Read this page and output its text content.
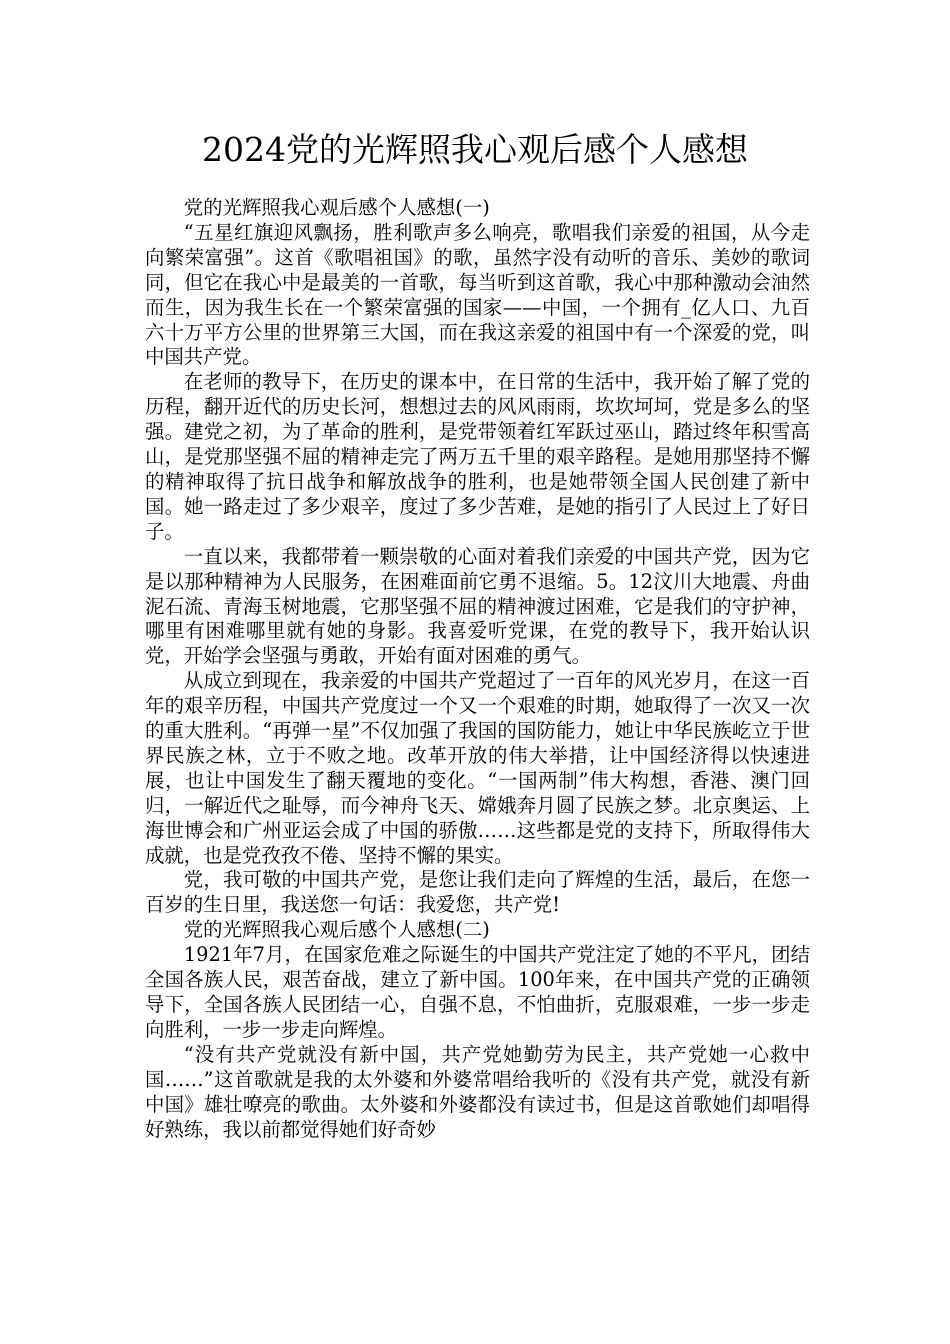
2024党的光辉照我心观后感个人感想

党的光辉照我心观后感个人感想(一)

“五星红旗迎风飘扬，胜利歌声多么响亮，歌唱我们亲爱的祖国，从今走向繁荣富强”。这首《歌唱祖国》的歌，虽然字没有动听的音乐、美妙的歌词同，但它在我心中是最美的一首歌，每当听到这首歌，我心中那种激动会油然而生，因为我生长在一个繁荣富强的国家——中国，一个拥有_亿人口、九百六十万平方公里的世界第三大国，而在我这亲爱的祖国中有一个深爱的党，叫中国共产党。

在老师的教导下，在历史的课本中，在日常的生活中，我开始了解了党的历程，翻开近代的历史长河，想想过去的风风雨雨，坎坎坷坷，党是多么的坚强。建党之初，为了革命的胜利，是党带领着红军跃过巫山，踏过终年积雪高山，是党那坚强不屈的精神走完了两万五千里的艰辛路程。是她用那坚持不懈的精神取得了抗日战争和解放战争的胜利，也是她带领全国人民创建了新中国。她一路走过了多少艰辛，度过了多少苦难，是她的指引了人民过上了好日子。

一直以来，我都带着一颗崇敬的心面对着我们亲爱的中国共产党，因为它是以那种精神为人民服务，在困难面前它勇不退缩。5。12汶川大地震、舟曲泥石流、青海玉树地震，它那坚强不屈的精神渡过困难，它是我们的守护神，哪里有困难哪里就有她的身影。我喜爱听党课，在党的教导下，我开始认识党，开始学会坚强与勇敢，开始有面对困难的勇气。

从成立到现在，我亲爱的中国共产党超过了一百年的风光岁月，在这一百年的艰辛历程，中国共产党度过一个又一个艰难的时期，她取得了一次又一次的重大胜利。“再弹一星”不仅加强了我国的国防能力，她让中华民族屹立于世界民族之林，立于不败之地。改革开放的伟大举措，让中国经济得以快速进展，也让中国发生了翻天覆地的变化。“一国两制”伟大构想，香港、澳门回归，一解近代之耻辱，而今神舟飞天、嫦娥奔月圆了民族之梦。北京奥运、上海世博会和广州亚运会成了中国的骄傲……这些都是党的支持下，所取得伟大成就，也是党孜孜不倦、坚持不懈的果实。

党，我可敬的中国共产党，是您让我们走向了辉煌的生活，最后，在您一百岁的生日里，我送您一句话：我爱您，共产党!

党的光辉照我心观后感个人感想(二)

1921年7月，在国家危难之际诞生的中国共产党注定了她的不平凡，团结全国各族人民，艰苦奋战，建立了新中国。100年来，在中国共产党的正确领导下，全国各族人民团结一心，自强不息，不怕曲折，克服艰难，一步一步走向胜利，一步一步走向辉煌。

“没有共产党就没有新中国，共产党她勤劳为民主，共产党她一心救中国……”这首歌就是我的太外婆和外婆常唱给我听的《没有共产党，就没有新中国》雄壮嘹亮的歌曲。太外婆和外婆都没有读过书，但是这首歌她们却唱得好熟练，我以前都觉得她们好奇妙
